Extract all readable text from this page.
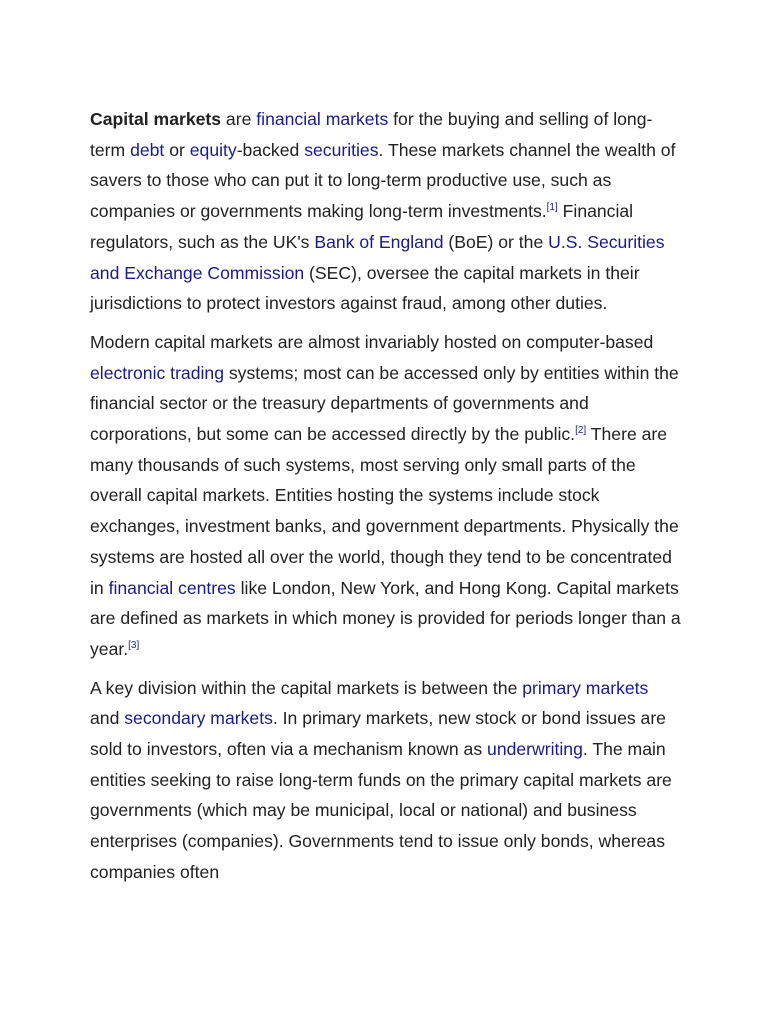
Capital markets are financial markets for the buying and selling of long-term debt or equity-backed securities. These markets channel the wealth of savers to those who can put it to long-term productive use, such as companies or governments making long-term investments.[1] Financial regulators, such as the UK's Bank of England (BoE) or the U.S. Securities and Exchange Commission (SEC), oversee the capital markets in their jurisdictions to protect investors against fraud, among other duties.

Modern capital markets are almost invariably hosted on computer-based electronic trading systems; most can be accessed only by entities within the financial sector or the treasury departments of governments and corporations, but some can be accessed directly by the public.[2] There are many thousands of such systems, most serving only small parts of the overall capital markets. Entities hosting the systems include stock exchanges, investment banks, and government departments. Physically the systems are hosted all over the world, though they tend to be concentrated in financial centres like London, New York, and Hong Kong. Capital markets are defined as markets in which money is provided for periods longer than a year.[3]

A key division within the capital markets is between the primary markets and secondary markets. In primary markets, new stock or bond issues are sold to investors, often via a mechanism known as underwriting. The main entities seeking to raise long-term funds on the primary capital markets are governments (which may be municipal, local or national) and business enterprises (companies). Governments tend to issue only bonds, whereas companies often
